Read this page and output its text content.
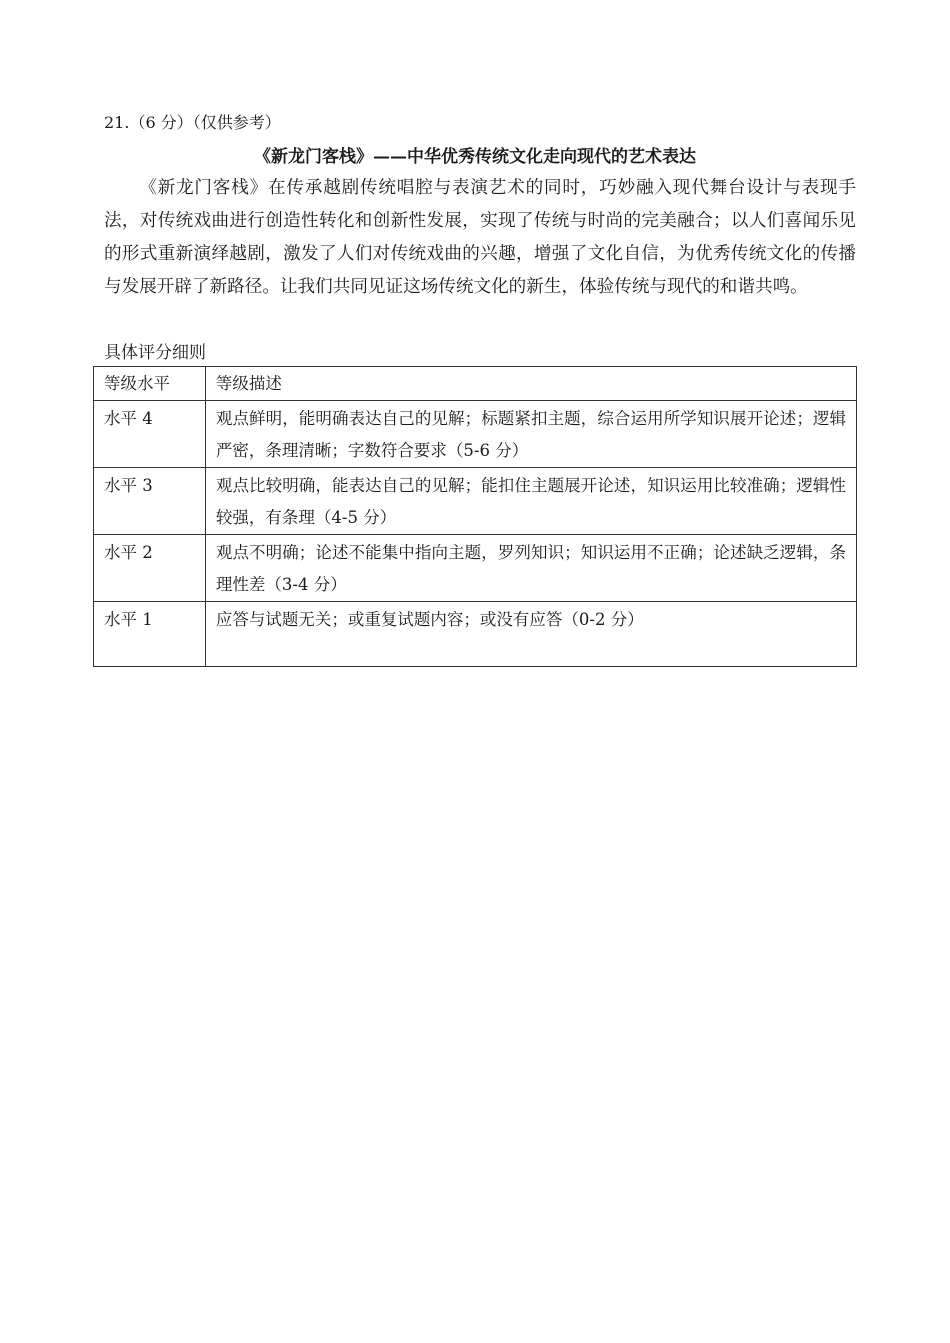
21.（6 分）（仅供参考）
《新龙门客栈》——中华优秀传统文化走向现代的艺术表达

《新龙门客栈》在传承越剧传统唱腔与表演艺术的同时，巧妙融入现代舞台设计与表现手法，对传统戏曲进行创造性转化和创新性发展，实现了传统与时尚的完美融合；以人们喜闻乐见的形式重新演绎越剧，激发了人们对传统戏曲的兴趣，增强了文化自信，为优秀传统文化的传播与发展开辟了新路径。让我们共同见证这场传统文化的新生，体验传统与现代的和谐共鸣。

具体评分细则
等级水平	等级描述
水平 4	观点鲜明，能明确表达自己的见解；标题紧扣主题，综合运用所学知识展开论述；逻辑严密，条理清晰；字数符合要求（5-6 分）
水平 3	观点比较明确，能表达自己的见解；能扣住主题展开论述，知识运用比较准确；逻辑性较强，有条理（4-5 分）
水平 2	观点不明确；论述不能集中指向主题，罗列知识；知识运用不正确；论述缺乏逻辑，条理性差（3-4 分）
水平 1	应答与试题无关；或重复试题内容；或没有应答（0-2 分）
